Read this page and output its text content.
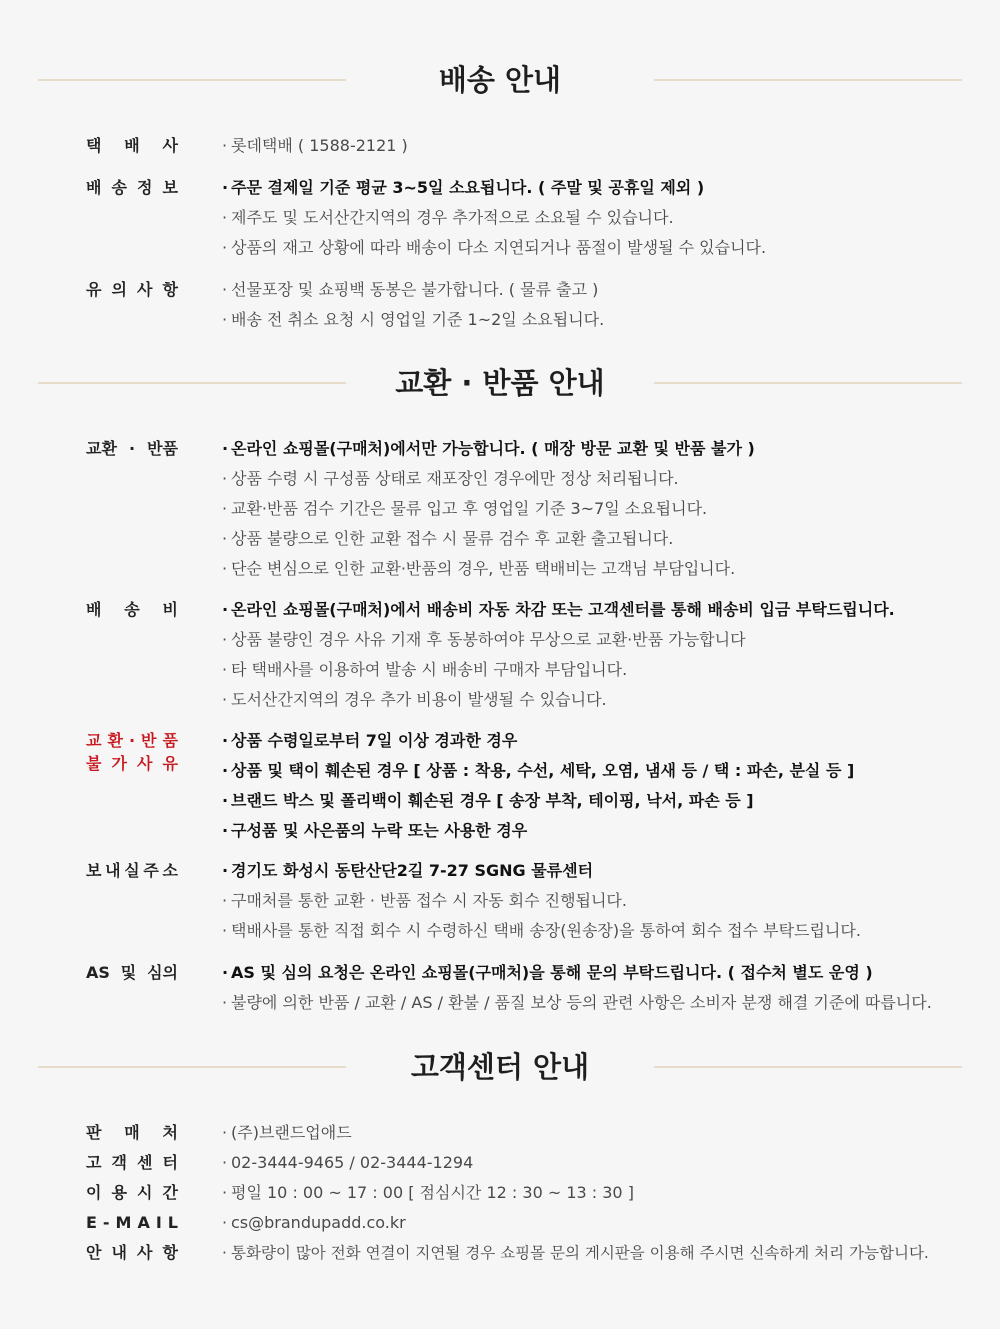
배송 안내
택 배 사	· 롯데택배 ( 1588-2121 )
배 송 정 보	· 주문 결제일 기준 평균 3~5일 소요됩니다. ( 주말 및 공휴일 제외 )
· 제주도 및 도서산간지역의 경우 추가적으로 소요될 수 있습니다.
· 상품의 재고 상황에 따라 배송이 다소 지연되거나 품절이 발생될 수 있습니다.
유 의 사 항	· 선물포장 및 쇼핑백 동봉은 불가합니다. ( 물류 출고 )
· 배송 전 취소 요청 시 영업일 기준 1~2일 소요됩니다.
교환 · 반품 안내
교환 · 반품	· 온라인 쇼핑몰(구매처)에서만 가능합니다. ( 매장 방문 교환 및 반품 불가 )
· 상품 수령 시 구성품 상태로 재포장인 경우에만 정상 처리됩니다.
· 교환·반품 검수 기간은 물류 입고 후 영업일 기준 3~7일 소요됩니다.
· 상품 불량으로 인한 교환 접수 시 물류 검수 후 교환 출고됩니다.
· 단순 변심으로 인한 교환·반품의 경우, 반품 택배비는 고객님 부담입니다.
배 송 비	· 온라인 쇼핑몰(구매처)에서 배송비 자동 차감 또는 고객센터를 통해 배송비 입금 부탁드립니다.
· 상품 불량인 경우 사유 기재 후 동봉하여야 무상으로 교환·반품 가능합니다
· 타 택배사를 이용하여 발송 시 배송비 구매자 부담입니다.
· 도서산간지역의 경우 추가 비용이 발생될 수 있습니다.
교 환 · 반 품
불 가 사 유
· 상품 수령일로부터 7일 이상 경과한 경우
· 상품 및 택이 훼손된 경우 [ 상품 : 착용, 수선, 세탁, 오염, 냄새 등 / 택 : 파손, 분실 등 ]
· 브랜드 박스 및 폴리백이 훼손된 경우 [ 송장 부착, 테이핑, 낙서, 파손 등 ]
· 구성품 및 사은품의 누락 또는 사용한 경우
보 내 실 주 소	· 경기도 화성시 동탄산단2길 7-27 SGNG 물류센터
· 구매처를 통한 교환 · 반품 접수 시 자동 회수 진행됩니다.
· 택배사를 통한 직접 회수 시 수령하신 택배 송장(원송장)을 통하여 회수 접수 부탁드립니다.
AS 및 심의	· AS 및 심의 요청은 온라인 쇼핑몰(구매처)을 통해 문의 부탁드립니다. ( 접수처 별도 운영 )
· 불량에 의한 반품 / 교환 / AS / 환불 / 품질 보상 등의 관련 사항은 소비자 분쟁 해결 기준에 따릅니다.
고객센터 안내
판 매 처	· (주)브랜드업애드
고 객 센 터	· 02-3444-9465 / 02-3444-1294
이 용 시 간	· 평일 10 : 00 ~ 17 : 00 [ 점심시간 12 : 30 ~ 13 : 30 ]
E - M A I L	· cs@brandupadd.co.kr
안 내 사 항	· 통화량이 많아 전화 연결이 지연될 경우 쇼핑몰 문의 게시판을 이용해 주시면 신속하게 처리 가능합니다.
